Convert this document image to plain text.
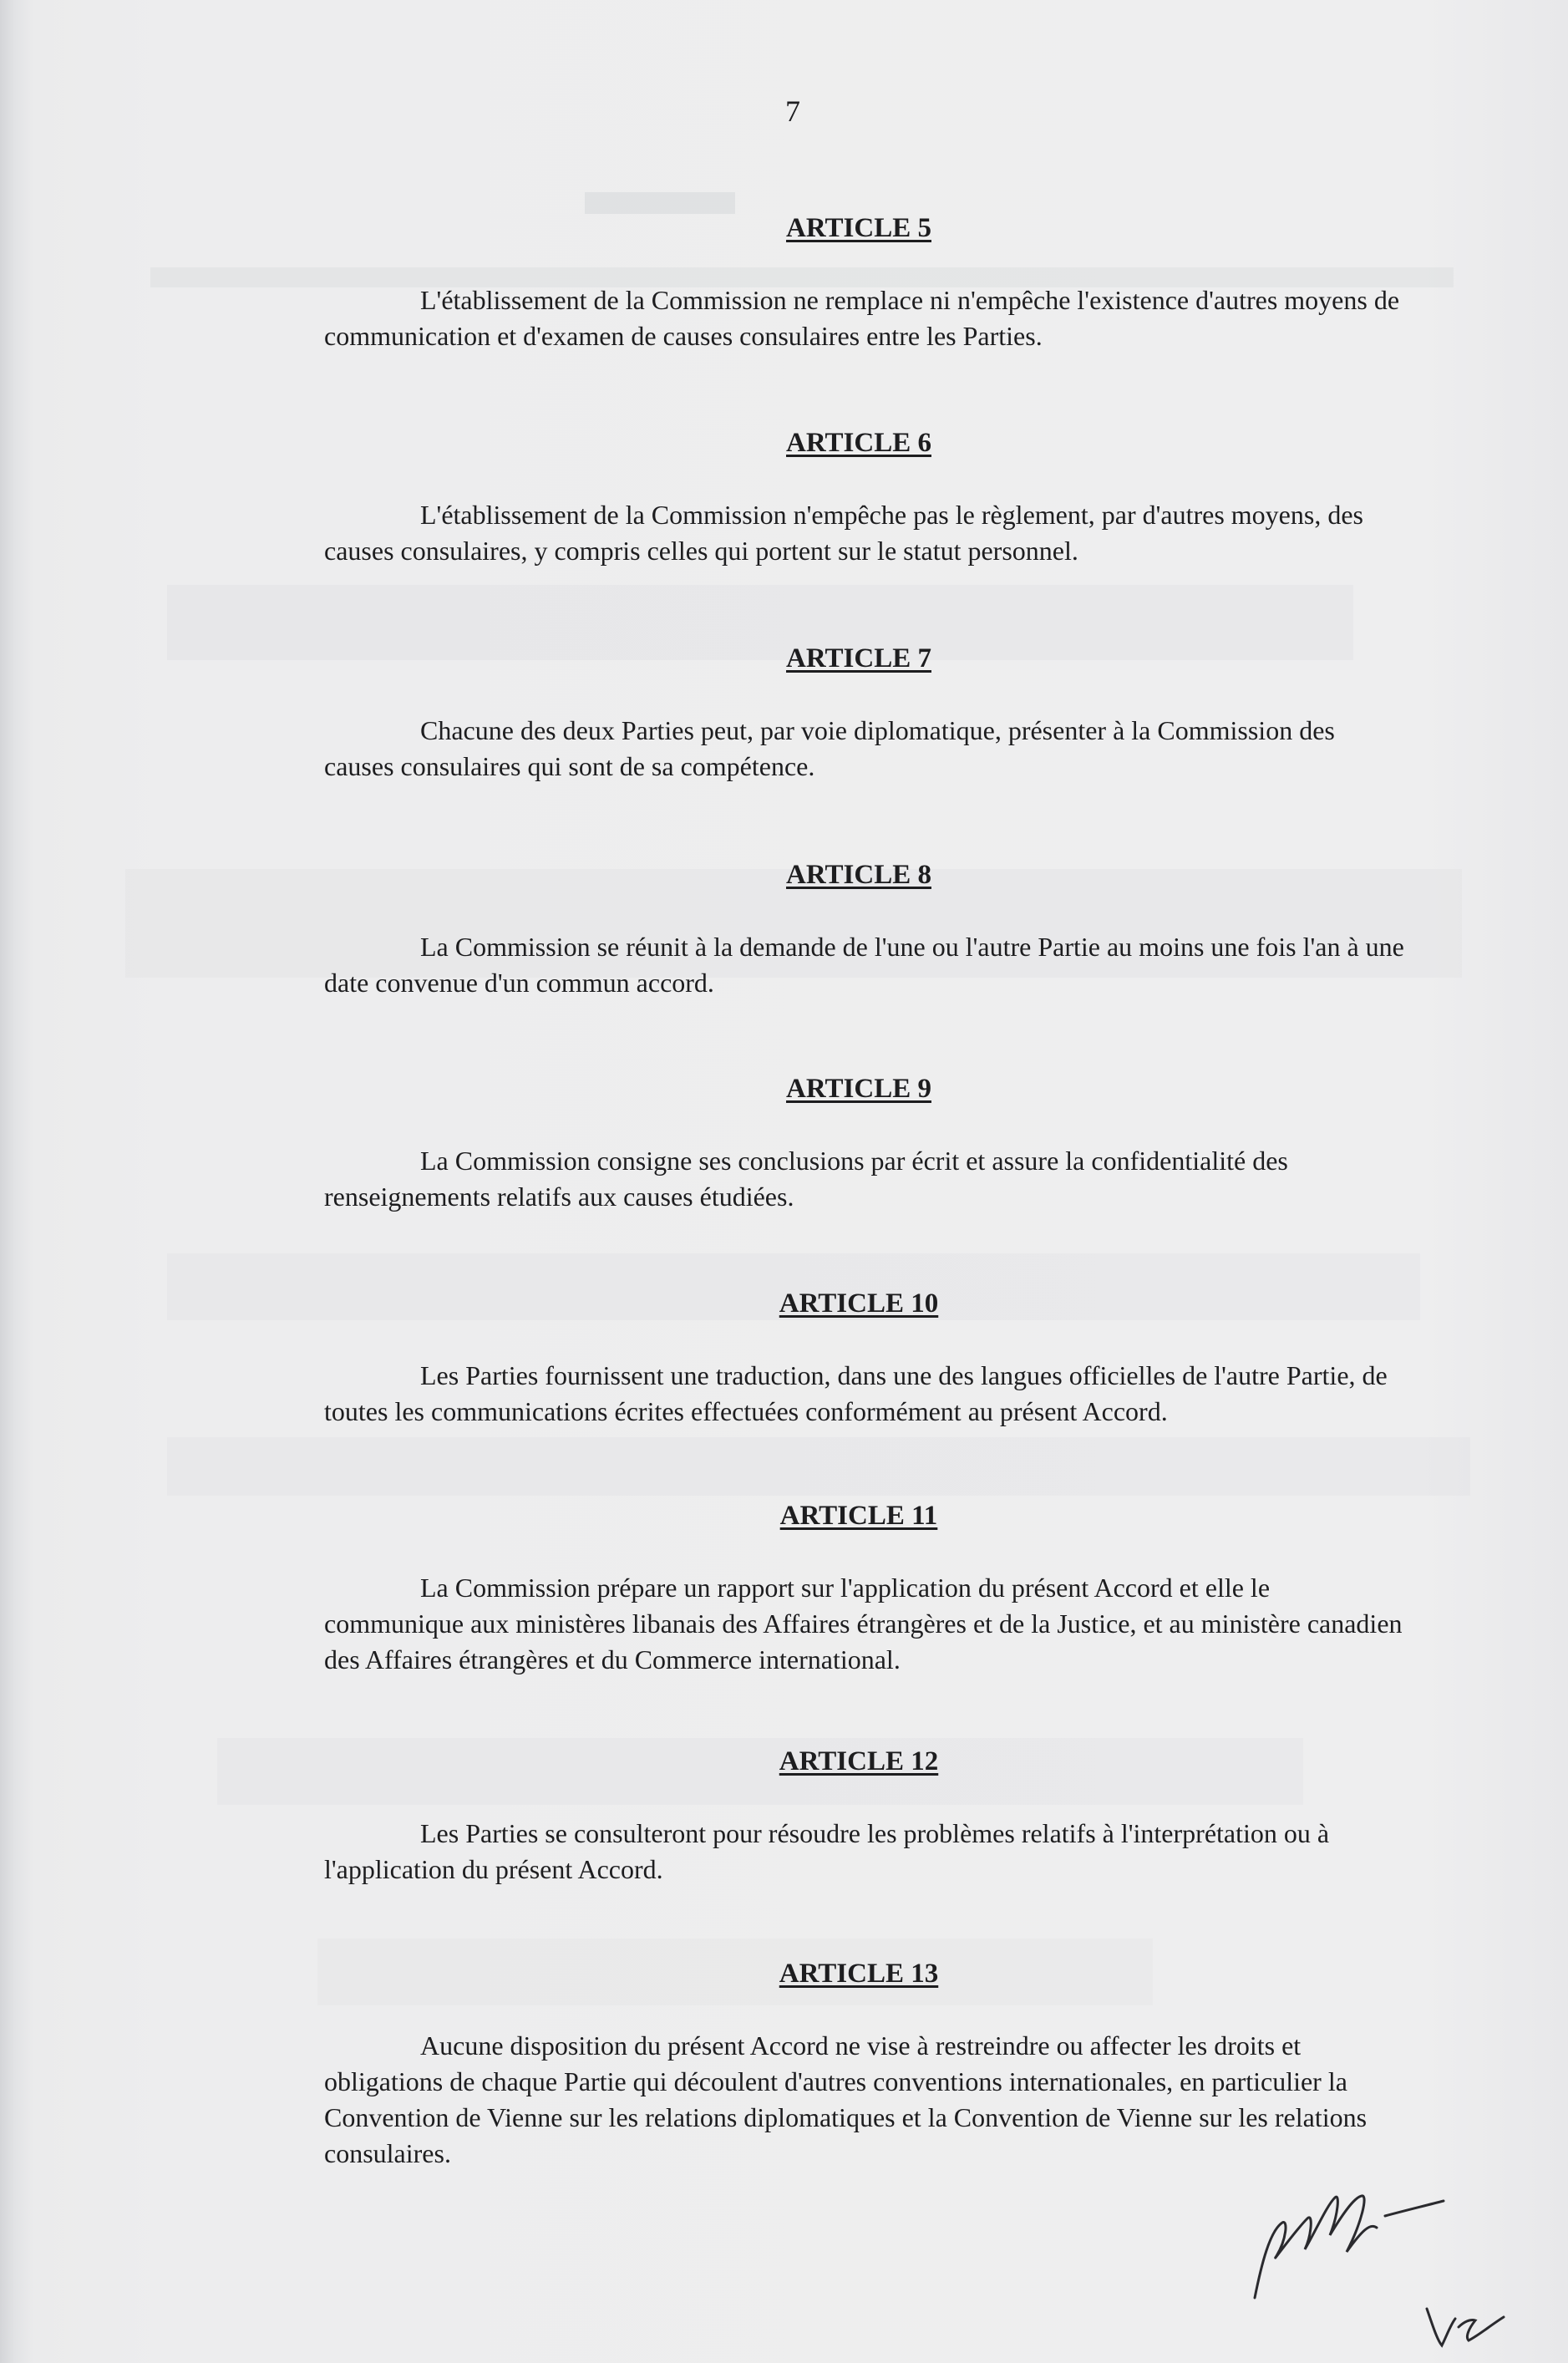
7
ARTICLE 5

L'établissement de la Commission ne remplace ni n'empêche l'existence d'autres moyens de communication et d'examen de causes consulaires entre les Parties.

ARTICLE 6

L'établissement de la Commission n'empêche pas le règlement, par d'autres moyens, des causes consulaires, y compris celles qui portent sur le statut personnel.

ARTICLE 7

Chacune des deux Parties peut, par voie diplomatique, présenter à la Commission des causes consulaires qui sont de sa compétence.

ARTICLE 8

La Commission se réunit à la demande de l'une ou l'autre Partie au moins une fois l'an à une date convenue d'un commun accord.

ARTICLE 9

La Commission consigne ses conclusions par écrit et assure la confidentialité des renseignements relatifs aux causes étudiées.

ARTICLE 10

Les Parties fournissent une traduction, dans une des langues officielles de l'autre Partie, de toutes les communications écrites effectuées conformément au présent Accord.

ARTICLE 11

La Commission prépare un rapport sur l'application du présent Accord et elle le communique aux ministères libanais des Affaires étrangères et de la Justice, et au ministère canadien des Affaires étrangères et du Commerce international.

ARTICLE 12

Les Parties se consulteront pour résoudre les problèmes relatifs à l'interprétation ou à l'application du présent Accord.

ARTICLE 13

Aucune disposition du présent Accord ne vise à restreindre ou affecter les droits et obligations de chaque Partie qui découlent d'autres conventions internationales, en particulier la Convention de Vienne sur les relations diplomatiques et la Convention de Vienne sur les relations consulaires.
